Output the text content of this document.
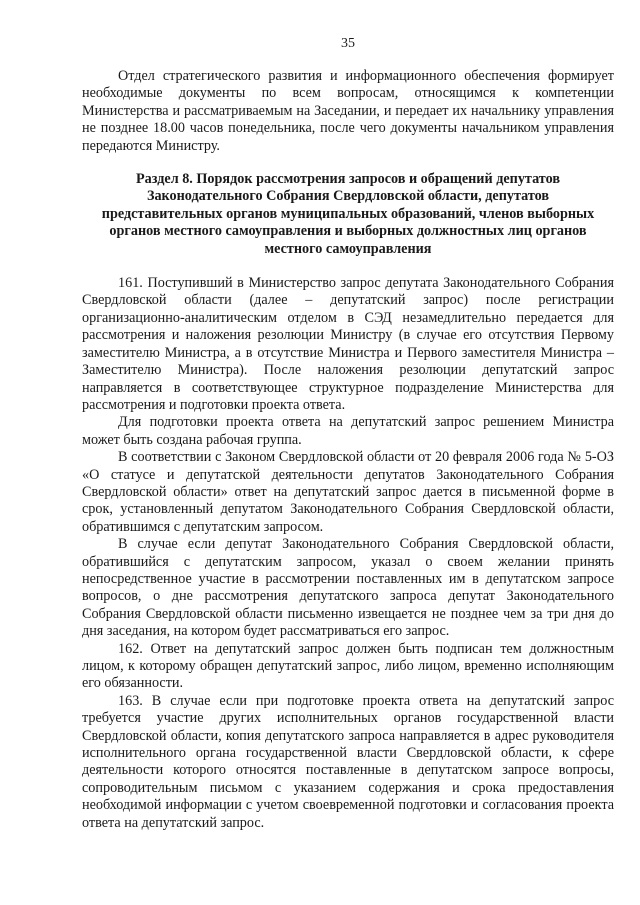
35

Отдел стратегического развития и информационного обеспечения формирует необходимые документы по всем вопросам, относящимся к компетенции Министерства и рассматриваемым на Заседании, и передает их начальнику управления не позднее 18.00 часов понедельника, после чего документы начальником управления передаются Министру.

Раздел 8. Порядок рассмотрения запросов и обращений депутатов Законодательного Собрания Свердловской области, депутатов представительных органов муниципальных образований, членов выборных органов местного самоуправления и выборных должностных лиц органов местного самоуправления

161. Поступивший в Министерство запрос депутата Законодательного Собрания Свердловской области (далее – депутатский запрос) после регистрации организационно-аналитическим отделом в СЭД незамедлительно передается для рассмотрения и наложения резолюции Министру (в случае его отсутствия Первому заместителю Министра, а в отсутствие Министра и Первого заместителя Министра – Заместителю Министра). После наложения резолюции депутатский запрос направляется в соответствующее структурное подразделение Министерства для рассмотрения и подготовки проекта ответа.

Для подготовки проекта ответа на депутатский запрос решением Министра может быть создана рабочая группа.

В соответствии с Законом Свердловской области от 20 февраля 2006 года № 5-ОЗ «О статусе и депутатской деятельности депутатов Законодательного Собрания Свердловской области» ответ на депутатский запрос дается в письменной форме в срок, установленный депутатом Законодательного Собрания Свердловской области, обратившимся с депутатским запросом.

В случае если депутат Законодательного Собрания Свердловской области, обратившийся с депутатским запросом, указал о своем желании принять непосредственное участие в рассмотрении поставленных им в депутатском запросе вопросов, о дне рассмотрения депутатского запроса депутат Законодательного Собрания Свердловской области письменно извещается не позднее чем за три дня до дня заседания, на котором будет рассматриваться его запрос.

162. Ответ на депутатский запрос должен быть подписан тем должностным лицом, к которому обращен депутатский запрос, либо лицом, временно исполняющим его обязанности.

163. В случае если при подготовке проекта ответа на депутатский запрос требуется участие других исполнительных органов государственной власти Свердловской области, копия депутатского запроса направляется в адрес руководителя исполнительного органа государственной власти Свердловской области, к сфере деятельности которого относятся поставленные в депутатском запросе вопросы, сопроводительным письмом с указанием содержания и срока предоставления необходимой информации с учетом своевременной подготовки и согласования проекта ответа на депутатский запрос.
